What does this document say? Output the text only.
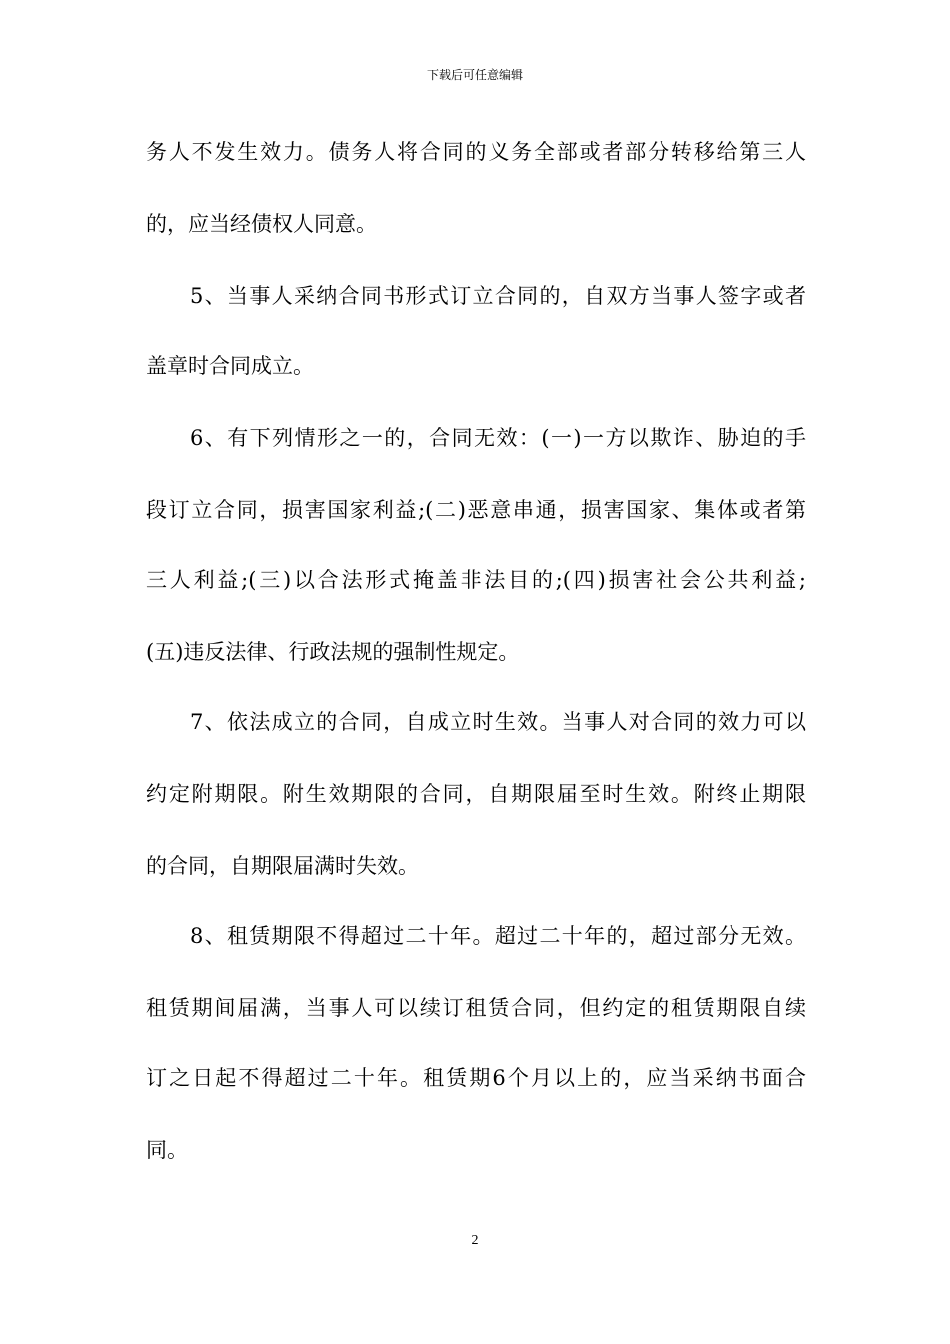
下载后可任意编辑
务人不发生效力。债务人将合同的义务全部或者部分转移给第三人
的，应当经债权人同意。
5、当事人采纳合同书形式订立合同的，自双方当事人签字或者
盖章时合同成立。
6、有下列情形之一的，合同无效：(一)一方以欺诈、胁迫的手
段订立合同，损害国家利益;(二)恶意串通，损害国家、集体或者第
三人利益;(三)以合法形式掩盖非法目的;(四)损害社会公共利益;
(五)违反法律、行政法规的强制性规定。
7、依法成立的合同，自成立时生效。当事人对合同的效力可以
约定附期限。附生效期限的合同，自期限届至时生效。附终止期限
的合同，自期限届满时失效。
8、租赁期限不得超过二十年。超过二十年的，超过部分无效。
租赁期间届满，当事人可以续订租赁合同，但约定的租赁期限自续
订之日起不得超过二十年。租赁期6个月以上的，应当采纳书面合
同。
2
